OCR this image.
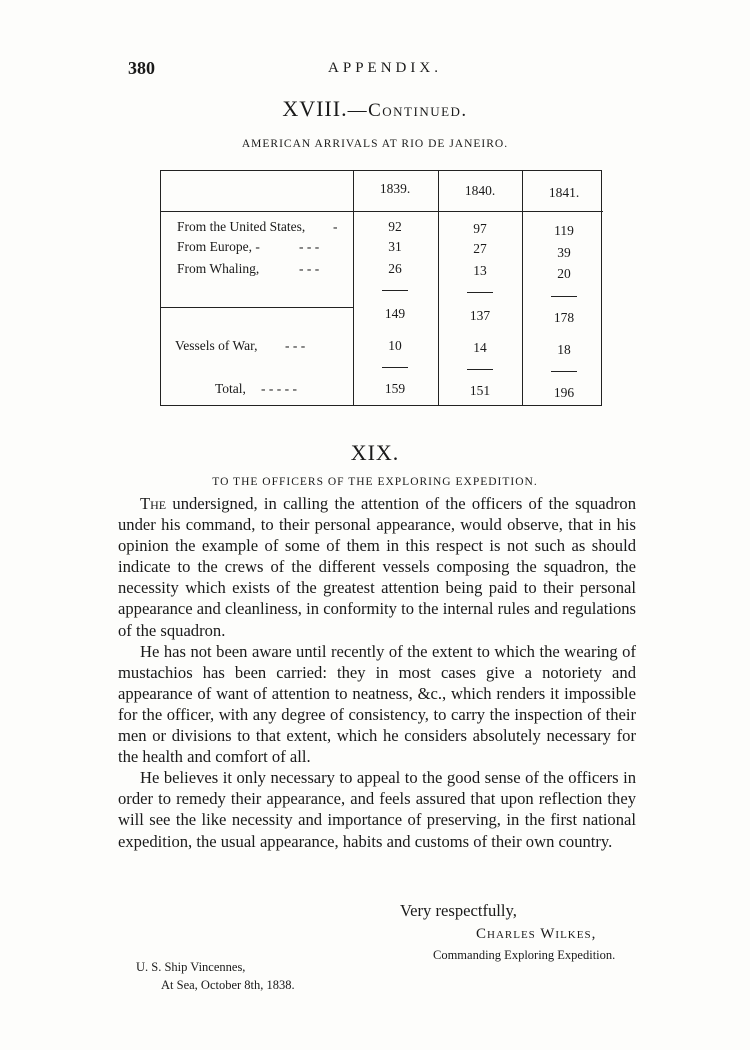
380	APPENDIX.
XVIII.—Continued.
AMERICAN ARRIVALS AT RIO DE JANEIRO.
1839.	1840.	1841.
From the United States, -	92	97	119
From Europe, -	- - -	31	27	39
From Whaling,	- - -	26	13	20
149	137	178
Vessels of War, - - -	10	14	18
Total, - - - - -	159	151	196
XIX.
TO THE OFFICERS OF THE EXPLORING EXPEDITION.

The undersigned, in calling the attention of the officers of the squadron under his command, to their personal appearance, would observe, that in his opinion the example of some of them in this respect is not such as should indicate to the crews of the different vessels composing the squadron, the necessity which exists of the greatest attention being paid to their personal appearance and cleanliness, in conformity to the internal rules and regulations of the squadron.

He has not been aware until recently of the extent to which the wearing of mustachios has been carried: they in most cases give a notoriety and appearance of want of attention to neatness, &c., which renders it impossible for the officer, with any degree of consistency, to carry the inspection of their men or divisions to that extent, which he considers absolutely necessary for the health and comfort of all.

He believes it only necessary to appeal to the good sense of the officers in order to remedy their appearance, and feels assured that upon reflection they will see the like necessity and importance of preserving, in the first national expedition, the usual appearance, habits and customs of their own country.

Very respectfully,
Charles Wilkes,
Commanding Exploring Expedition.
U. S. Ship Vincennes,
At Sea, October 8th, 1838.
